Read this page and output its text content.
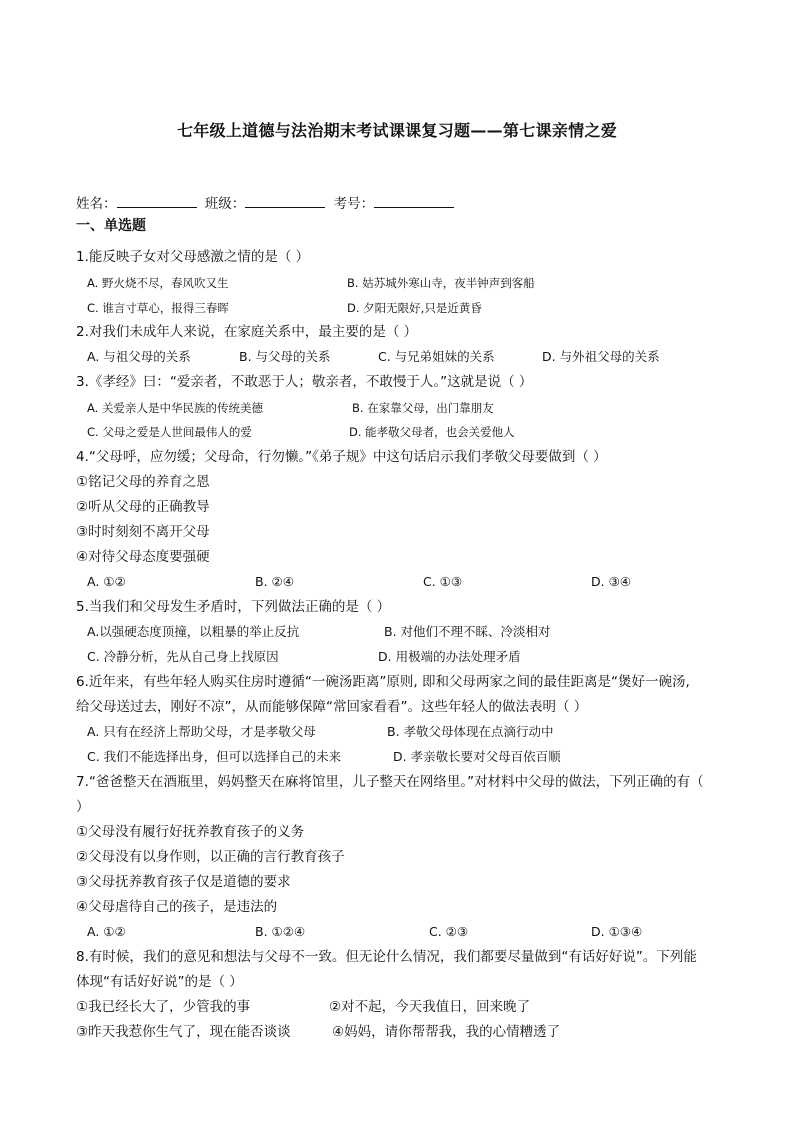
七年级上道德与法治期末考试课课复习题——第七课亲情之爱
姓名：	班级：	考号：
一、单选题
1.能反映子女对父母感激之情的是（ ）
A. 野火烧不尽，春风吹又生	B. 姑苏城外寒山寺，夜半钟声到客船
C. 谁言寸草心，报得三春晖	D. 夕阳无限好,只是近黄昏
2.对我们未成年人来说，在家庭关系中，最主要的是（ ）
A. 与祖父母的关系	B. 与父母的关系	C. 与兄弟姐妹的关系	D. 与外祖父母的关系
3.《孝经》曰：“爱亲者，不敢恶于人；敬亲者，不敢慢于人。”这就是说（ ）
A. 关爱亲人是中华民族的传统美德	B. 在家靠父母，出门靠朋友
C. 父母之爱是人世间最伟人的爱	D. 能孝敬父母者，也会关爱他人
4.“父母呼，应勿缓；父母命，行勿懒。”《弟子规》中这句话启示我们孝敬父母要做到（ ）
①铭记父母的养育之恩
②听从父母的正确教导
③时时刻刻不离开父母
④对待父母态度要强硬
A. ①②	B. ②④	C. ①③	D. ③④
5.当我们和父母发生矛盾时，下列做法正确的是（ ）
A.以强硬态度顶撞，以粗暴的举止反抗	B. 对他们不理不睬、冷淡相对
C. 冷静分析，先从自己身上找原因	D. 用极端的办法处理矛盾
6.近年来，有些年轻人购买住房时遵循“一碗汤距离”原则, 即和父母两家之间的最佳距离是“煲好一碗汤,
给父母送过去，刚好不凉”，从而能够保障“常回家看看”。这些年轻人的做法表明（ ）
A. 只有在经济上帮助父母，才是孝敬父母	B. 孝敬父母体现在点滴行动中
C. 我们不能选择出身，但可以选择自己的未来	D. 孝亲敬长要对父母百依百顺
7.“爸爸整天在酒瓶里，妈妈整天在麻将馆里，儿子整天在网络里。”对材料中父母的做法，下列正确的有（
）
①父母没有履行好抚养教育孩子的义务
②父母没有以身作则，以正确的言行教育孩子
③父母抚养教育孩子仅是道德的要求
④父母虐待自己的孩子，是违法的
A. ①②	B. ①②④	C. ②③	D. ①③④
8.有时候，我们的意见和想法与父母不一致。但无论什么情况，我们都要尽量做到“有话好好说”。下列能
体现“有话好好说”的是（ ）
①我已经长大了，少管我的事	②对不起，今天我值日，回来晚了
③昨天我惹你生气了，现在能否谈谈	④妈妈，请你帮帮我，我的心情糟透了
